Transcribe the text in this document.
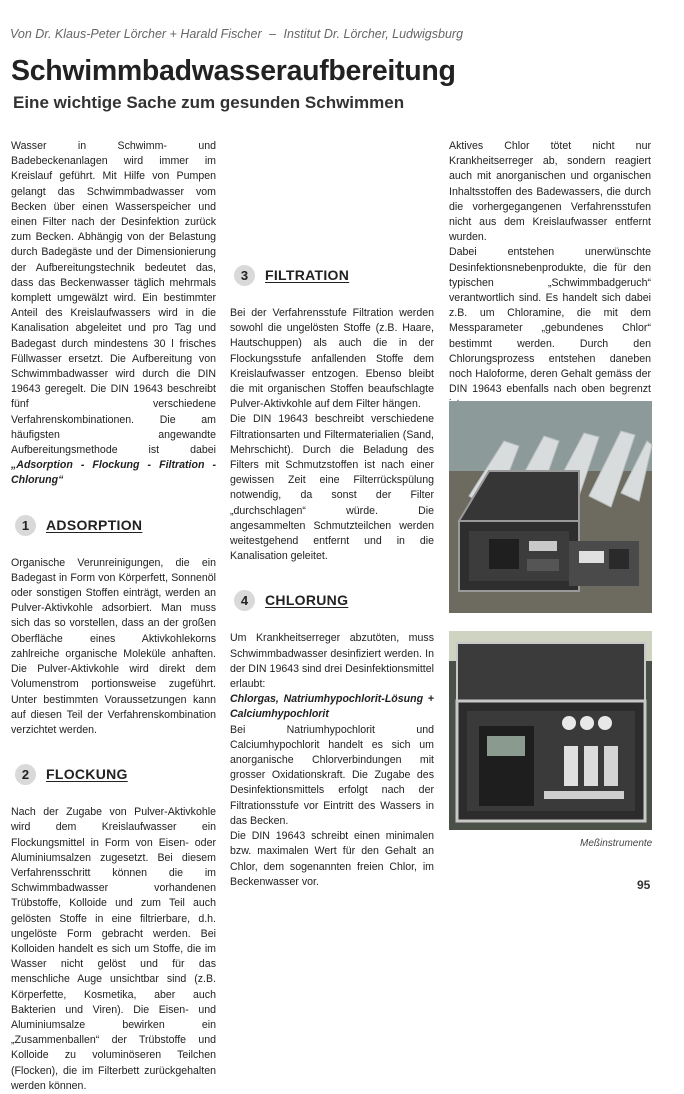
Von Dr. Klaus-Peter Lörcher + Harald Fischer – Institut Dr. Lörcher, Ludwigsburg
Schwimmbadwasseraufbereitung
Eine wichtige Sache zum gesunden Schwimmen

Wasser in Schwimm- und Badebeckenanlagen wird immer im Kreislauf geführt. Mit Hilfe von Pumpen gelangt das Schwimmbadwasser vom Becken über einen Wasserspeicher und einen Filter nach der Desinfektion zurück zum Becken. Abhängig von der Belastung durch Badegäste und der Dimensionierung der Aufbereitungstechnik bedeutet das, dass das Beckenwasser täglich mehrmals komplett umgewälzt wird. Ein bestimmter Anteil des Kreislaufwassers wird in die Kanalisation abgeleitet und pro Tag und Badegast durch mindestens 30 l frisches Füllwasser ersetzt. Die Aufbereitung von Schwimmbadwasser wird durch die DIN 19643 geregelt. Die DIN 19643 beschreibt fünf verschiedene Verfahrenskombinationen. Die am häufigsten angewandte Aufbereitungsmethode ist dabei „Adsorption - Flockung - Filtration - Chlorung“

1	ADSORPTION

Organische Verunreinigungen, die ein Badegast in Form von Körperfett, Sonnenöl oder sonstigen Stoffen einträgt, werden an Pulver-Aktivkohle adsorbiert. Man muss sich das so vorstellen, dass an der großen Oberfläche eines Aktivkohlekorns zahlreiche organische Moleküle anhaften. Die Pulver-Aktivkohle wird direkt dem Volumenstrom portionsweise zugeführt. Unter bestimmten Voraussetzungen kann auf diesen Teil der Verfahrenskombination verzichtet werden.

2	FLOCKUNG

Nach der Zugabe von Pulver-Aktivkohle wird dem Kreislaufwasser ein Flockungsmittel in Form von Eisen- oder Aluminiumsalzen zugesetzt. Bei diesem Verfahrensschritt können die im Schwimmbadwasser vorhandenen Trübstoffe, Kolloide und zum Teil auch gelösten Stoffe in eine filtrierbare, d.h. ungelöste Form gebracht werden. Bei Kolloiden handelt es sich um Stoffe, die im Wasser nicht gelöst und für das menschliche Auge unsichtbar sind (z.B. Körperfette, Kosmetika, aber auch Bakterien und Viren). Die Eisen- und Aluminiumsalze bewirken ein „Zusammenballen“ der Trübstoffe und Kolloide zu voluminöseren Teilchen (Flocken), die im Filterbett zurückgehalten werden können.

3	FILTRATION

Bei der Verfahrensstufe Filtration werden sowohl die ungelösten Stoffe (z.B. Haare, Hautschuppen) als auch die in der Flockungsstufe anfallenden Stoffe dem Kreislaufwasser entzogen. Ebenso bleibt die mit organischen Stoffen beaufschlagte Pulver-Aktivkohle auf dem Filter hängen.

Die DIN 19643 beschreibt verschiedene Filtrationsarten und Filtermaterialien (Sand, Mehrschicht). Durch die Beladung des Filters mit Schmutzstoffen ist nach einer gewissen Zeit eine Filterrückspülung notwendig, da sonst der Filter „durchschlagen“ würde. Die angesammelten Schmutzteilchen werden weitestgehend entfernt und in die Kanalisation geleitet.

4	CHLORUNG

Um Krankheitserreger abzutöten, muss Schwimmbadwasser desinfiziert werden. In der DIN 19643 sind drei Desinfektionsmittel erlaubt:

Chlorgas, Natriumhypochlorit-Lösung + Calciumhypochlorit

Bei Natriumhypochlorit und Calciumhypochlorit handelt es sich um anorganische Chlorverbindungen mit grosser Oxidationskraft. Die Zugabe des Desinfektionsmittels erfolgt nach der Filtrationsstufe vor Eintritt des Wassers in das Becken.

Die DIN 19643 schreibt einen minimalen bzw. maximalen Wert für den Gehalt an Chlor, dem sogenannten freien Chlor, im Beckenwasser vor.

Aktives Chlor tötet nicht nur Krankheitserreger ab, sondern reagiert auch mit anorganischen und organischen Inhaltsstoffen des Badewassers, die durch die vorhergegangenen Verfahrensstufen nicht aus dem Kreislaufwasser entfernt wurden.

Dabei entstehen unerwünschte Desinfektionsnebenprodukte, die für den typischen „Schwimmbadgeruch“ verantwortlich sind. Es handelt sich dabei z.B. um Chloramine, die mit dem Messparameter „gebundenes Chlor“ bestimmt werden. Durch den Chlorungsprozess entstehen daneben noch Haloforme, deren Gehalt gemäss der DIN 19643 ebenfalls nach oben begrenzt

Meßinstrumente
95
